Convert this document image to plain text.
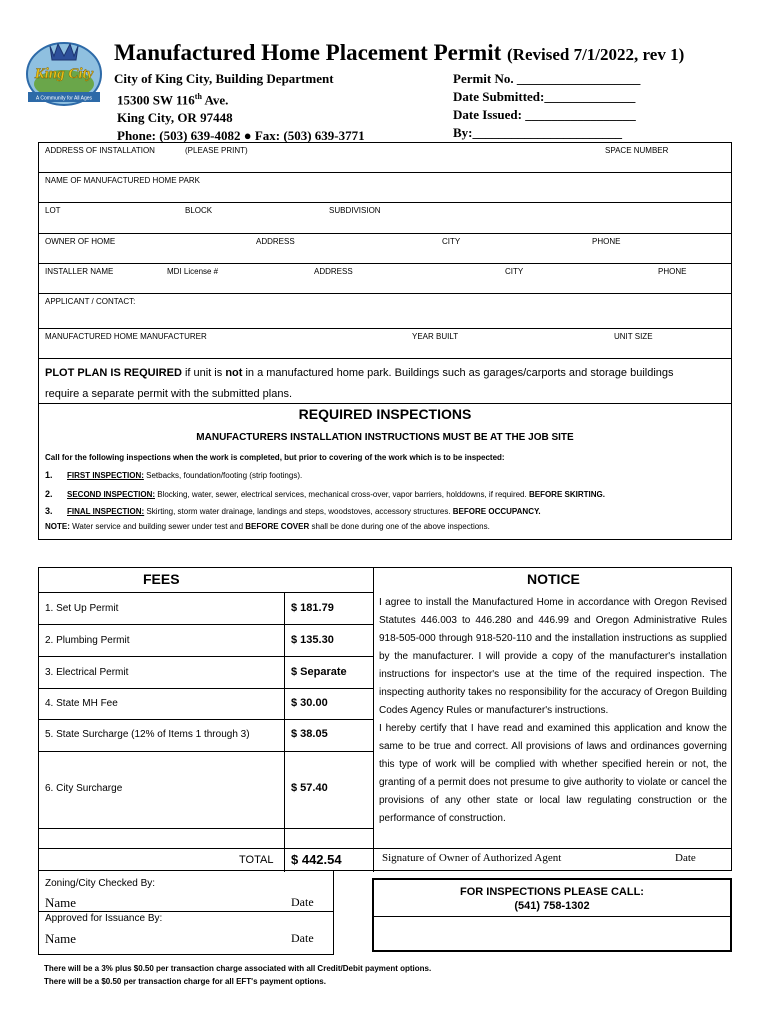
King City
A Community for All Ages
Manufactured Home Placement Permit (Revised 7/1/2022, rev 1)
City of King City, Building Department
15300 SW 116th Ave.
King City, OR 97448
Phone: (503) 639-4082 ● Fax: (503) 639-3771
Permit No. ___________________
Date Submitted:______________
Date Issued: _________________
By:_______________________
ADDRESS OF INSTALLATION	(PLEASE PRINT)	SPACE NUMBER
NAME OF MANUFACTURED HOME PARK
LOT	BLOCK	SUBDIVISION
OWNER OF HOME	ADDRESS	CITY	PHONE
INSTALLER NAME	MDI License #	ADDRESS	CITY	PHONE
APPLICANT / CONTACT:
MANUFACTURED HOME MANUFACTURER	YEAR BUILT	UNIT SIZE
PLOT PLAN IS REQUIRED if unit is not in a manufactured home park. Buildings such as garages/carports and storage buildings
require a separate permit with the submitted plans.
REQUIRED INSPECTIONS
MANUFACTURERS INSTALLATION INSTRUCTIONS MUST BE AT THE JOB SITE
Call for the following inspections when the work is completed, but prior to covering of the work which is to be inspected:
1. FIRST INSPECTION: Setbacks, foundation/footing (strip footings).
2. SECOND INSPECTION: Blocking, water, sewer, electrical services, mechanical cross-over, vapor barriers, holddowns, if required. BEFORE SKIRTING.
3. FINAL INSPECTION: Skirting, storm water drainage, landings and steps, woodstoves, accessory structures. BEFORE OCCUPANCY.
NOTE: Water service and building sewer under test and BEFORE COVER shall be done during one of the above inspections.
FEES	NOTICE
1. Set Up Permit	$ 181.79
2. Plumbing Permit	$ 135.30
3. Electrical Permit	$ Separate
4. State MH Fee	$ 30.00
5. State Surcharge (12% of Items 1 through 3)	$ 38.05
6. City Surcharge	$ 57.40
TOTAL $ 442.54
I agree to install the Manufactured Home in accordance with Oregon Revised Statutes 446.003 to 446.280 and 446.99 and Oregon Administrative Rules 918-505-000 through 918-520-110 and the installation instructions as supplied by the manufacturer. I will provide a copy of the manufacturer's installation instructions for inspector's use at the time of the required inspection. The inspecting authority takes no responsibility for the accuracy of Oregon Building Codes Agency Rules or manufacturer's instructions.
I hereby certify that I have read and examined this application and know the same to be true and correct. All provisions of laws and ordinances governing this type of work will be complied with whether specified herein or not, the granting of a permit does not presume to give authority to violate or cancel the provisions of any other state or local law regulating construction or the performance of construction.
Signature of Owner of Authorized Agent	Date
Zoning/City Checked By:
Name	Date
Approved for Issuance By:
Name	Date
FOR INSPECTIONS PLEASE CALL:
(541) 758-1302
There will be a 3% plus $0.50 per transaction charge associated with all Credit/Debit payment options.
There will be a $0.50 per transaction charge for all EFT's payment options.
